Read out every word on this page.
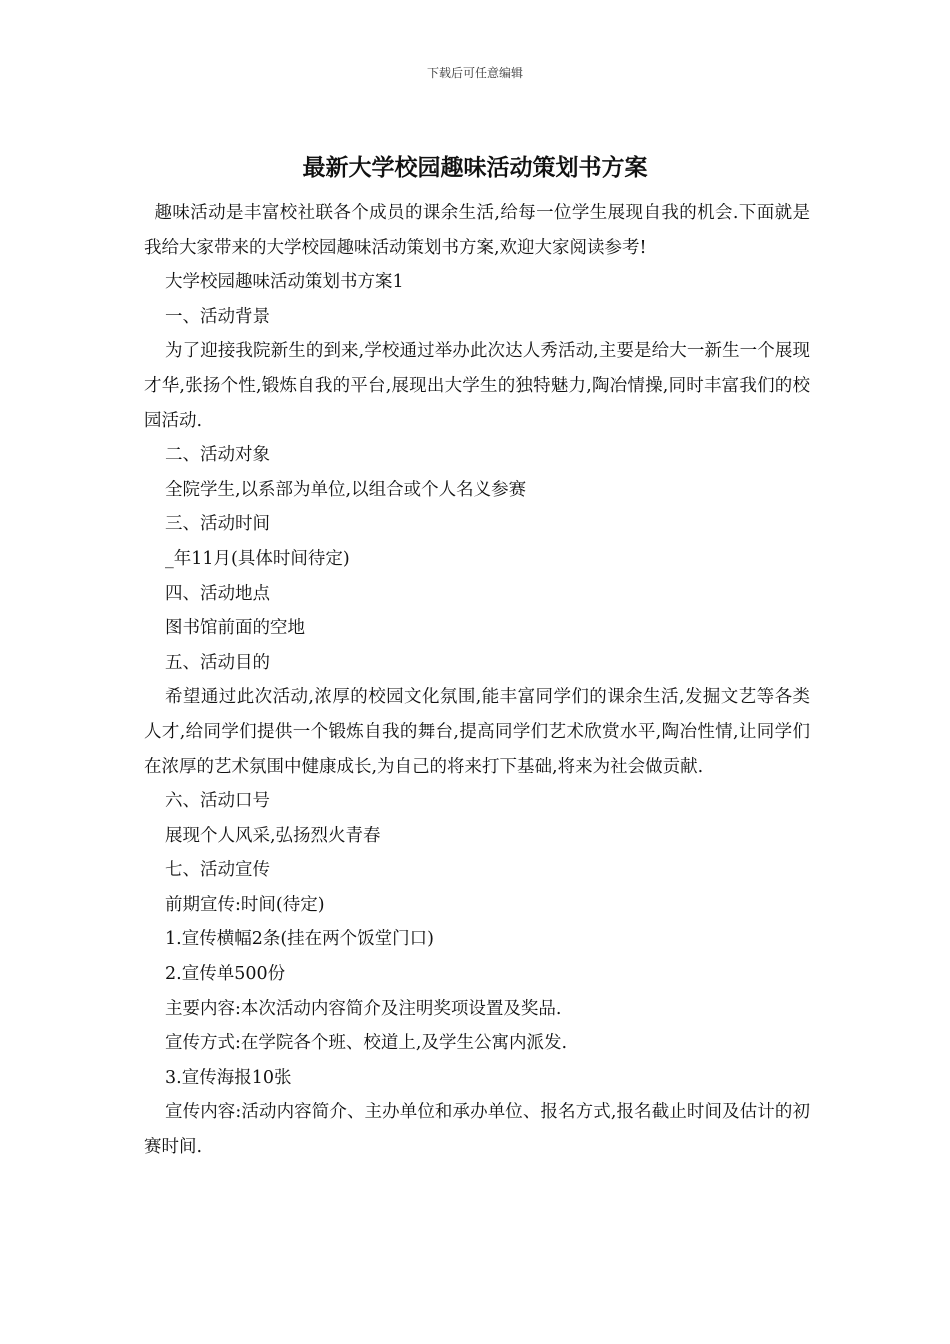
下载后可任意编辑
最新大学校园趣味活动策划书方案

趣味活动是丰富校社联各个成员的课余生活,给每一位学生展现自我的机会.下面就是我给大家带来的大学校园趣味活动策划书方案,欢迎大家阅读参考!

大学校园趣味活动策划书方案1

一、活动背景

为了迎接我院新生的到来,学校通过举办此次达人秀活动,主要是给大一新生一个展现才华,张扬个性,锻炼自我的平台,展现出大学生的独特魅力,陶冶情操,同时丰富我们的校园活动.

二、活动对象

全院学生,以系部为单位,以组合或个人名义参赛

三、活动时间

_年11月(具体时间待定)

四、活动地点

图书馆前面的空地

五、活动目的

希望通过此次活动,浓厚的校园文化氛围,能丰富同学们的课余生活,发掘文艺等各类人才,给同学们提供一个锻炼自我的舞台,提高同学们艺术欣赏水平,陶冶性情,让同学们在浓厚的艺术氛围中健康成长,为自己的将来打下基础,将来为社会做贡献.

六、活动口号

展现个人风采,弘扬烈火青春

七、活动宣传

前期宣传:时间(待定)

1.宣传横幅2条(挂在两个饭堂门口)

2.宣传单500份

主要内容:本次活动内容简介及注明奖项设置及奖品.

宣传方式:在学院各个班、校道上,及学生公寓内派发.

3.宣传海报10张

宣传内容:活动内容简介、主办单位和承办单位、报名方式,报名截止时间及估计的初赛时间.
